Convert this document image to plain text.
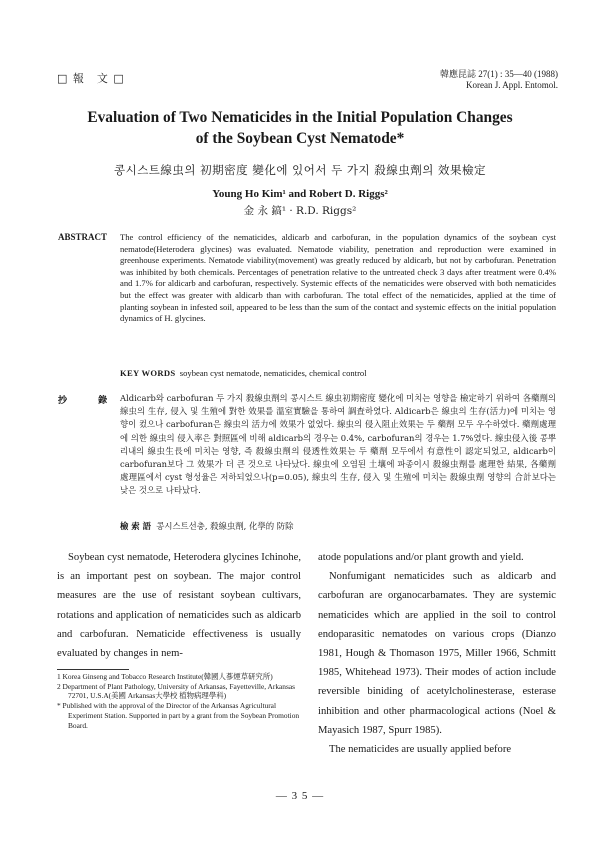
□ 報　文 □	韓應昆誌 27(1) : 35—40 (1988)
Korean J. Appl. Entomol.
Evaluation of Two Nematicides in the Initial Population Changes
of the Soybean Cyst Nematode*
콩시스트線虫의 初期密度 變化에 있어서 두 가지 殺線虫劑의 效果檢定
Young Ho Kim¹ and Robert D. Riggs²
金 永 鎬¹ · R.D. Riggs²
ABSTRACT The control efficiency of the nematicides, aldicarb and carbofuran, in the population dynamics of the soybean cyst nematode(Heterodera glycines) was evaluated. Nematode viability, penetration and reproduction were examined in greenhouse experiments. Nematode viability(movement) was greatly reduced by aldicarb, but not by carbofuran. Penetration was inhibited by both chemicals. Percentages of penetration relative to the untreated check 3 days after treatment were 0.4% and 1.7% for aldicarb and carbofuran, respectively. Systemic effects of the nematicides were observed with both nematicides but the effect was greater with aldicarb than with carbofuran. The total effect of the nematicides, applied at the time of planting soybean in infested soil, appeared to be less than the sum of the contact and systemic effects on the initial population dynamics of H. glycines.
KEY WORDS soybean cyst nematode, nematicides, chemical control
抄 錄
Aldicarb와 carbofuran 두 가지 殺線虫劑의 콩시스트 線虫初期密度 變化에 미치는 영향을 檢定하기 위하여 各藥劑의 線虫의 生存, 侵入 및 生殖에 對한 效果를 溫室實驗을 통하여 調査하였다. Aldicarb은 線虫의 生存(活力)에 미치는 영향이 컸으나 carbofuran은 線虫의 活力에 效果가 없었다. 線虫의 侵入阻止效果는 두 藥劑 모두 우수하였다. 藥劑處理에 의한 線虫의 侵入率은 對照區에 비해 aldicarb의 경우는 0.4%, carbofuran의 경우는 1.7%였다. 線虫侵入後 콩뿌리내의 線虫生長에 미치는 영향, 즉 殺線虫劑의 侵透性效果는 두 藥劑 모두에서 有意性이 認定되었고, aldicarb이 carbofuran보다 그 效果가 더 큰 것으로 나타났다. 線虫에 오염된 土壤에 파종이시 殺線虫劑를 處理한 結果, 各藥劑 處理區에서 cyst 형성율은 저하되었으나(p=0.05), 線虫의 生存, 侵入 및 生殖에 미치는 殺線虫劑 영향의 合計보다는 낮은 것으로 나타났다.
檢 索 語 콩시스트선충, 殺線虫劑, 化學的 防除

Soybean cyst nematode, Heterodera glycines Ichinohe, is an important pest on soybean. The major control measures are the use of resistant soybean cultivars, rotations and application of nematicides such as aldicarb and carbofuran. Nematicide effectiveness is usually evaluated by changes in nem-

1 Korea Ginseng and Tobacco Research Institute(韓國人蔘煙草研究所)
2 Department of Plant Pathology, University of Arkansas, Fayetteville, Arkansas 72701, U.S.A(美國 Arkansas大學校 植物病理學科)
* Published with the approval of the Director of the Arkansas Agricultural Experiment Station. Supported in part by a grant from the Soybean Promotion Board.

atode populations and/or plant growth and yield.

Nonfumigant nematicides such as aldicarb and carbofuran are organocarbamates. They are systemic nematicides which are applied in the soil to control endoparasitic nematodes on various crops (Dianzo 1981, Hough & Thomason 1975, Miller 1966, Schmitt 1985, Whitehead 1973). Their modes of action include reversible biniding of acetylcholinesterase, esterase inhibition and other pharmacological actions (Noel & Mayasich 1987, Spurr 1985).

The nematicides are usually applied before

— 3 5 —
